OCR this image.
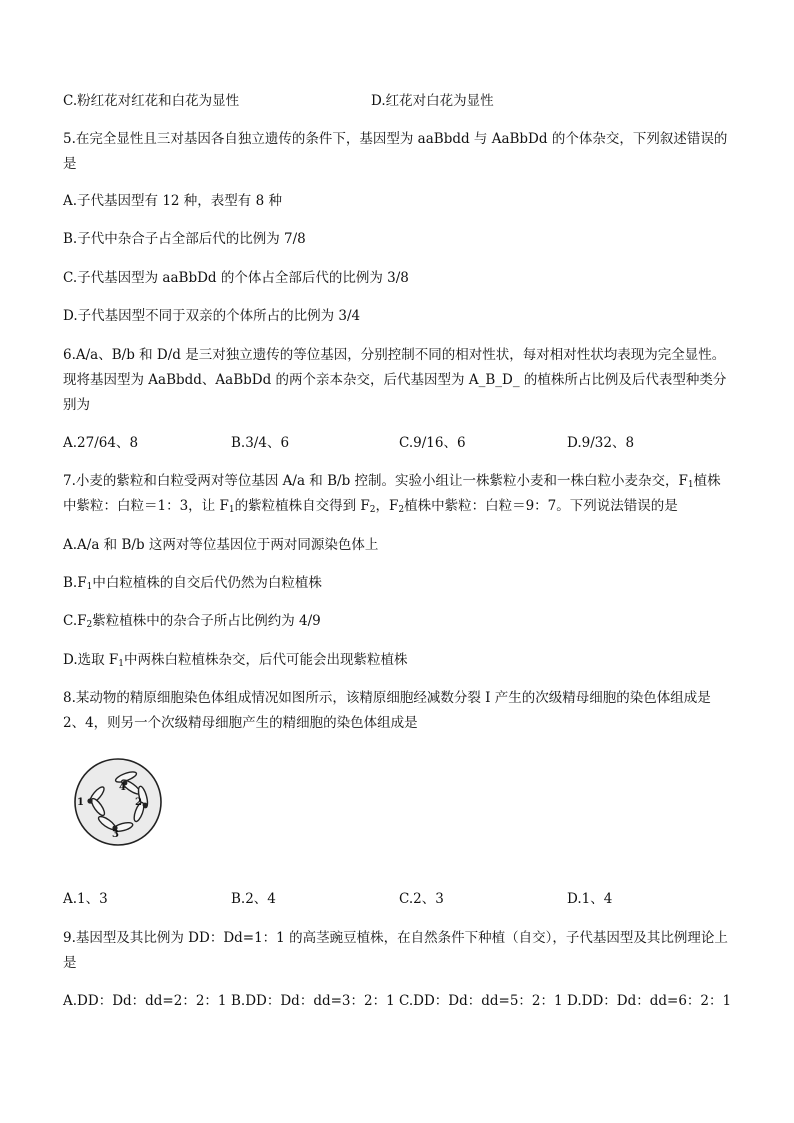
C.粉红花对红花和白花为显性	D.红花对白花为显性
5.在完全显性且三对基因各自独立遗传的条件下，基因型为 aaBbdd 与 AaBbDd 的个体杂交，下列叙述错误的
是
A.子代基因型有 12 种，表型有 8 种
B.子代中杂合子占全部后代的比例为 7/8
C.子代基因型为 aaBbDd 的个体占全部后代的比例为 3/8
D.子代基因型不同于双亲的个体所占的比例为 3/4
6.A/a、B/b 和 D/d 是三对独立遗传的等位基因，分别控制不同的相对性状，每对相对性状均表现为完全显性。
现将基因型为 AaBbdd、AaBbDd 的两个亲本杂交，后代基因型为 A_B_D_ 的植株所占比例及后代表型种类分
别为
A.27/64、8	B.3/4、6	C.9/16、6	D.9/32、8
7.小麦的紫粒和白粒受两对等位基因 A/a 和 B/b 控制。实验小组让一株紫粒小麦和一株白粒小麦杂交，$F_1$植株
中紫粒：白粒＝1：3，让 $F_1$的紫粒植株自交得到 $F_2$，$F_2$植株中紫粒：白粒＝9：7。下列说法错误的是
A.A/a 和 B/b 这两对等位基因位于两对同源染色体上
$B.F_1$中白粒植株的自交后代仍然为白粒植株
$C.F_2$紫粒植株中的杂合子所占比例约为 4/9
D.选取 $F_1$中两株白粒植株杂交，后代可能会出现紫粒植株
8.某动物的精原细胞染色体组成情况如图所示，该精原细胞经减数分裂 I 产生的次级精母细胞的染色体组成是
2、4，则另一个次级精母细胞产生的精细胞的染色体组成是
1	2
3
4
A.1、3	B.2、4	C.2、3	D.1、4
9.基因型及其比例为 DD：Dd=1：1 的高茎豌豆植株，在自然条件下种植（自交），子代基因型及其比例理论上
是
A.DD：Dd：dd=2：2：1 B.DD：Dd：dd=3：2：1 C.DD：Dd：dd=5：2：1 D.DD：Dd：dd=6：2：1
